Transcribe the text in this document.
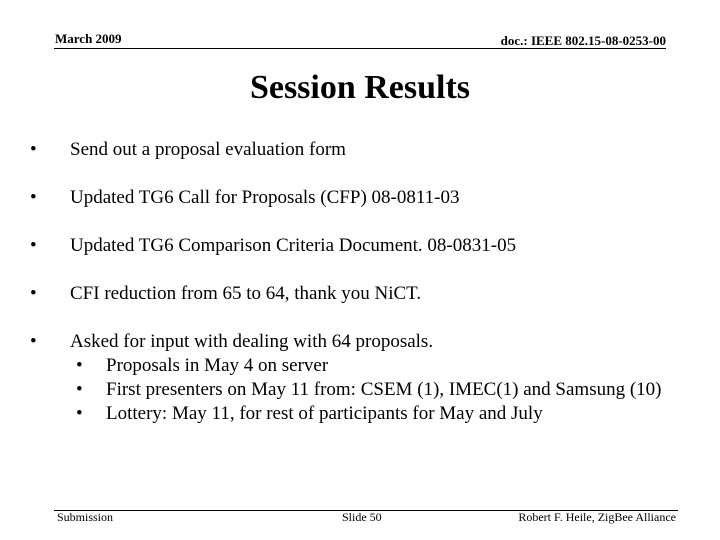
March 2009	doc.: IEEE 802.15-08-0253-00
Session Results
• Send out a proposal evaluation form
• Updated TG6 Call for Proposals (CFP) 08-0811-03
• Updated TG6 Comparison Criteria Document. 08-0831-05
• CFI reduction from 65 to 64, thank you NiCT.
• Asked for input with dealing with 64 proposals.
• Proposals in May 4 on server
• First presenters on May 11 from: CSEM (1), IMEC(1) and Samsung (10)
• Lottery: May 11, for rest of participants for May and July
Submission	Slide 50	Robert F. Heile, ZigBee Alliance
